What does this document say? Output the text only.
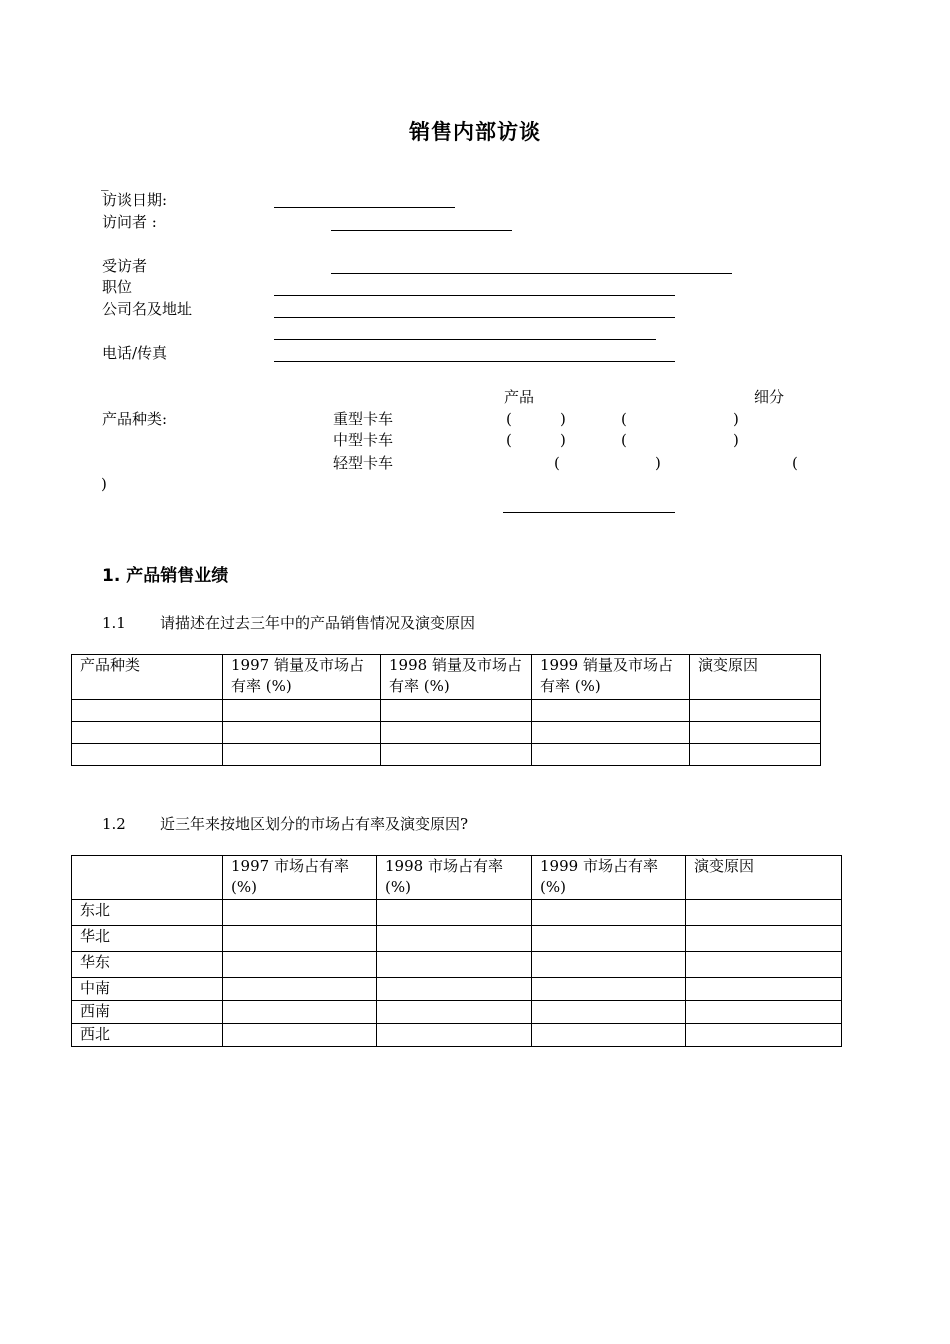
销售内部访谈
_
访谈日期:
访问者 :
受访者
职位
公司名及地址
电话/传真
产品	细分
产品种类:	重型卡车	(	)	(	)
中型卡车	(	)	(	)
轻型卡车	(	)	(
)
1. 产品销售业绩
1.1 请描述在过去三年中的产品销售情况及演变原因
产品种类	1997 销量及市场占有率 (%)	1998 销量及市场占有率 (%)	1999 销量及市场占有率 (%)	演变原因

1.2 近三年来按地区划分的市场占有率及演变原因?
	1997 市场占有率 (%)	1998 市场占有率 (%)	1999 市场占有率 (%)	演变原因
东北				
华北				
华东				
中南				
西南				
西北				
